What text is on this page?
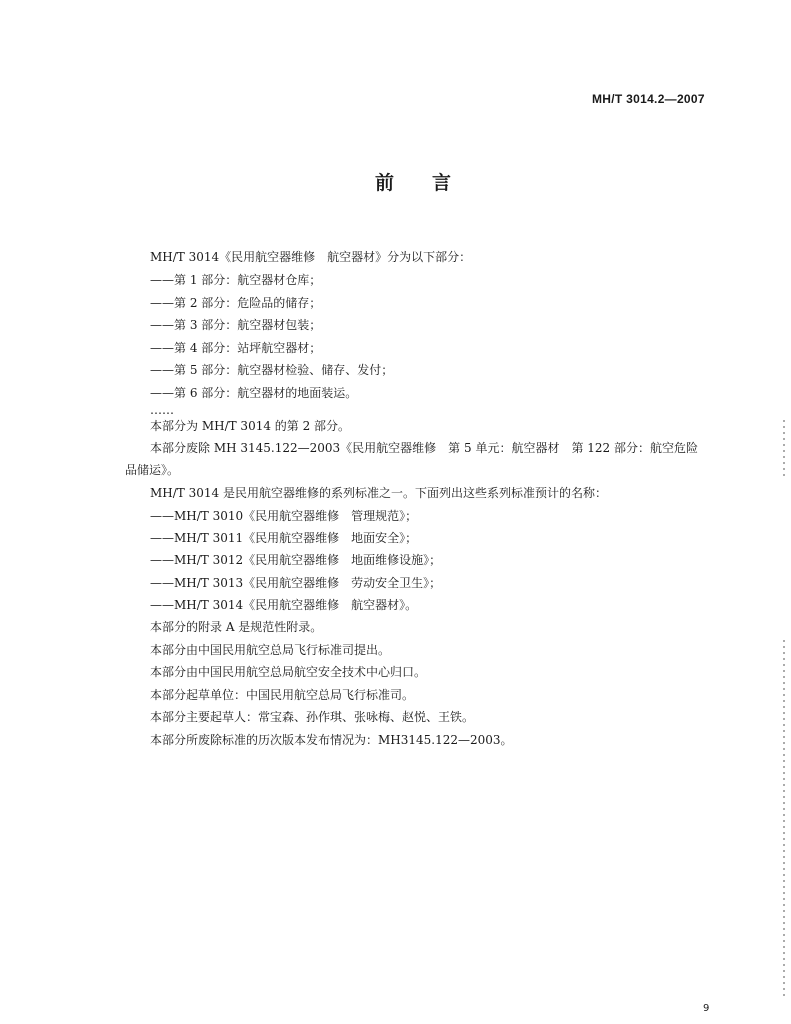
MH/T 3014.2—2007
前言
MH/T 3014《民用航空器维修　航空器材》分为以下部分：
——第 1 部分：航空器材仓库；
——第 2 部分：危险品的储存；
——第 3 部分：航空器材包装；
——第 4 部分：站坪航空器材；
——第 5 部分：航空器材检验、储存、发付；
——第 6 部分：航空器材的地面装运。
……
本部分为 MH/T 3014 的第 2 部分。
本部分废除 MH 3145.122—2003《民用航空器维修　第 5 单元：航空器材　第 122 部分：航空危险
品储运》。
MH/T 3014 是民用航空器维修的系列标准之一。下面列出这些系列标准预计的名称：
——MH/T 3010《民用航空器维修　管理规范》；
——MH/T 3011《民用航空器维修　地面安全》；
——MH/T 3012《民用航空器维修　地面维修设施》；
——MH/T 3013《民用航空器维修　劳动安全卫生》；
——MH/T 3014《民用航空器维修　航空器材》。
本部分的附录 A 是规范性附录。
本部分由中国民用航空总局飞行标准司提出。
本部分由中国民用航空总局航空安全技术中心归口。
本部分起草单位：中国民用航空总局飞行标准司。
本部分主要起草人：常宝森、孙作琪、张咏梅、赵悦、王铁。
本部分所废除标准的历次版本发布情况为：MH3145.122—2003。
9
